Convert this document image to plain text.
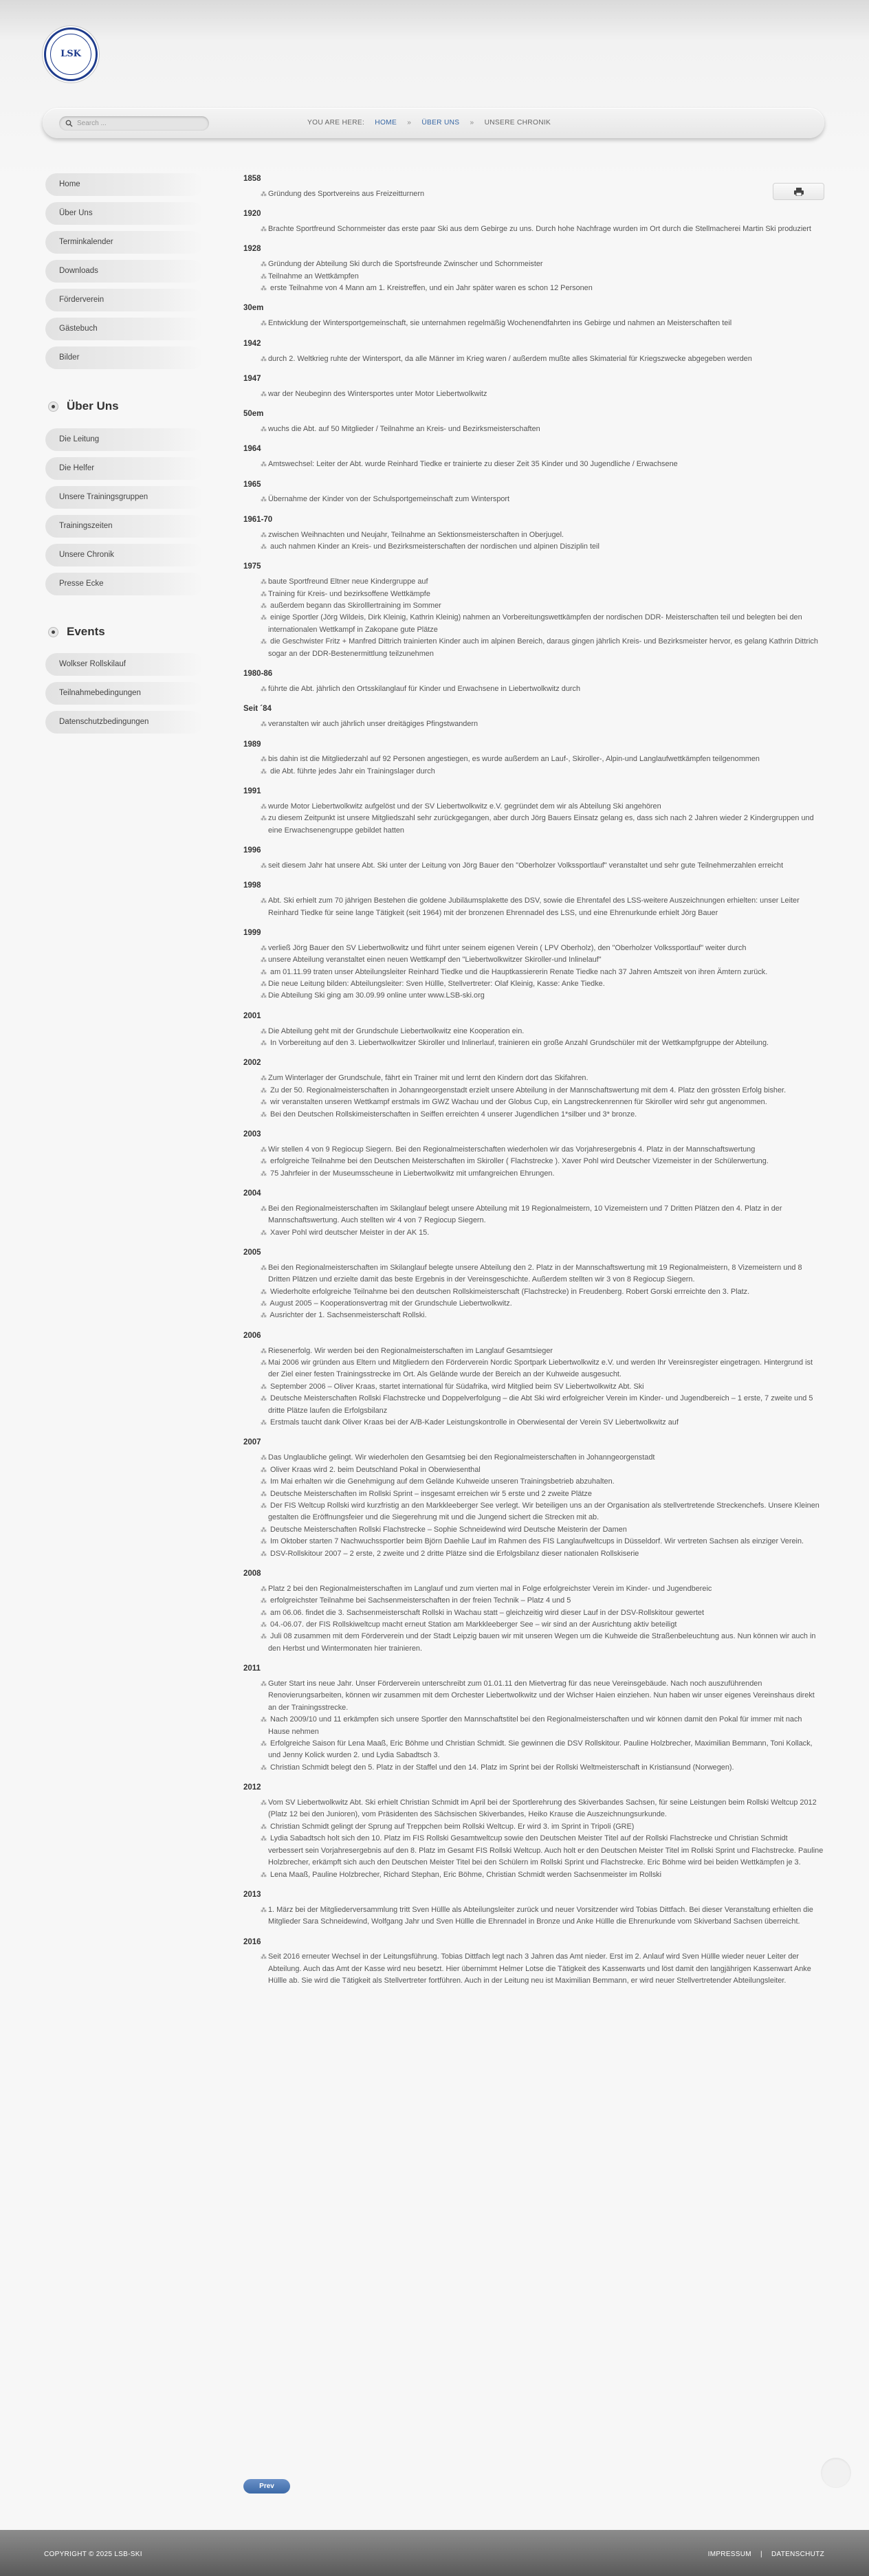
LSK
Search ...	YOU ARE HERE: HOME » ÜBER UNS » UNSERE CHRONIK
Home
Über Uns
Terminkalender
Downloads
Förderverein
Gästebuch
Bilder
Über Uns
Die Leitung
Die Helfer
Unsere Trainingsgruppen
Trainingszeiten
Unsere Chronik
Presse Ecke
Events
Wolkser Rollskilauf
Teilnahmebedingungen
Datenschutzbedingungen
1858
⁂ Gründung des Sportvereins aus Freizeitturnern
1920
⁂ Brachte Sportfreund Schornmeister das erste paar Ski aus dem Gebirge zu uns. Durch hohe Nachfrage wurden im Ort durch die Stellmacherei Martin Ski produziert
1928
⁂ Gründung der Abteilung Ski durch die Sportsfreunde Zwinscher und Schornmeister
⁂ Teilnahme an Wettkämpfen
⁂ erste Teilnahme von 4 Mann am 1. Kreistreffen, und ein Jahr später waren es schon 12 Personen
30em
⁂ Entwicklung der Wintersportgemeinschaft, sie unternahmen regelmäßig Wochenendfahrten ins Gebirge und nahmen an Meisterschaften teil
1942
⁂ durch 2. Weltkrieg ruhte der Wintersport, da alle Männer im Krieg waren / außerdem mußte alles Skimaterial für Kriegszwecke abgegeben werden
1947
⁂ war der Neubeginn des Wintersportes unter Motor Liebertwolkwitz
50em
⁂ wuchs die Abt. auf 50 Mitglieder / Teilnahme an Kreis- und Bezirksmeisterschaften
1964
⁂ Amtswechsel: Leiter der Abt. wurde Reinhard Tiedke er trainierte zu dieser Zeit 35 Kinder und 30 Jugendliche / Erwachsene
1965
⁂ Übernahme der Kinder von der Schulsportgemeinschaft zum Wintersport
1961-70
⁂ zwischen Weihnachten und Neujahr, Teilnahme an Sektionsmeisterschaften in Oberjugel.
⁂ auch nahmen Kinder an Kreis- und Bezirksmeisterschaften der nordischen und alpinen Disziplin teil
1975
⁂ baute Sportfreund Eltner neue Kindergruppe auf
⁂ Training für Kreis- und bezirksoffene Wettkämpfe
⁂ außerdem begann das Skirolllertraining im Sommer
⁂ einige Sportler (Jörg Wildeis, Dirk Kleinig, Kathrin Kleinig) nahmen an Vorbereitungswettkämpfen der nordischen DDR- Meisterschaften teil und belegten bei den internationalen Wettkampf in Zakopane gute Plätze
⁂ die Geschwister Fritz + Manfred Dittrich trainierten Kinder auch im alpinen Bereich, daraus gingen jährlich Kreis- und Bezirksmeister hervor, es gelang Kathrin Dittrich sogar an der DDR-Bestenermittlung teilzunehmen
1980-86
⁂ führte die Abt. jährlich den Ortsskilanglauf für Kinder und Erwachsene in Liebertwolkwitz durch
Seit ´84
⁂ veranstalten wir auch jährlich unser dreitägiges Pfingstwandern
1989
⁂ bis dahin ist die Mitgliederzahl auf 92 Personen angestiegen, es wurde außerdem an Lauf-, Skiroller-, Alpin-und Langlaufwettkämpfen teilgenommen
⁂ die Abt. führte jedes Jahr ein Trainingslager durch
1991
⁂ wurde Motor Liebertwolkwitz aufgelöst und der SV Liebertwolkwitz e.V. gegründet dem wir als Abteilung Ski angehören
⁂ zu diesem Zeitpunkt ist unsere Mitgliedszahl sehr zurückgegangen, aber durch Jörg Bauers Einsatz gelang es, dass sich nach 2 Jahren wieder 2 Kindergruppen und eine Erwachsenengruppe gebildet hatten
1996
⁂ seit diesem Jahr hat unsere Abt. Ski unter der Leitung von Jörg Bauer den "Oberholzer Volkssportlauf" veranstaltet und sehr gute Teilnehmerzahlen erreicht
1998
⁂ Abt. Ski erhielt zum 70 jährigen Bestehen die goldene Jubiläumsplakette des DSV, sowie die Ehrentafel des LSS-weitere Auszeichnungen erhielten: unser Leiter Reinhard Tiedke für seine lange Tätigkeit (seit 1964) mit der bronzenen Ehrennadel des LSS, und eine Ehrenurkunde erhielt Jörg Bauer
1999
⁂ verließ Jörg Bauer den SV Liebertwolkwitz und führt unter seinem eigenen Verein ( LPV Oberholz), den "Oberholzer Volkssportlauf" weiter durch
⁂ unsere Abteilung veranstaltet einen neuen Wettkampf den "Liebertwolkwitzer Skiroller-und Inlinelauf"
⁂ am 01.11.99 traten unser Abteilungsleiter Reinhard Tiedke und die Hauptkassiererin Renate Tiedke nach 37 Jahren Amtszeit von ihren Ämtern zurück.
⁂ Die neue Leitung bilden: Abteilungsleiter: Sven Hüllle, Stellvertreter: Olaf Kleinig, Kasse: Anke Tiedke.
⁂ Die Abteilung Ski ging am 30.09.99 online unter www.LSB-ski.org
2001
⁂ Die Abteilung geht mit der Grundschule Liebertwolkwitz eine Kooperation ein.
⁂ In Vorbereitung auf den 3. Liebertwolkwitzer Skiroller und Inlinerlauf, trainieren ein große Anzahl Grundschüler mit der Wettkampfgruppe der Abteilung.
2002
⁂ Zum Winterlager der Grundschule, fährt ein Trainer mit und lernt den Kindern dort das Skifahren.
⁂ Zu der 50. Regionalmeisterschaften in Johanngeorgenstadt erzielt unsere Abteilung in der Mannschaftswertung mit dem 4. Platz den grössten Erfolg bisher.
⁂ wir veranstalten unseren Wettkampf erstmals im GWZ Wachau und der Globus Cup, ein Langstreckenrennen für Skiroller wird sehr gut angenommen.
⁂ Bei den Deutschen Rollskimeisterschaften in Seiffen erreichten 4 unserer Jugendlichen 1*silber und 3* bronze.
2003
⁂ Wir stellen 4 von 9 Regiocup Siegern. Bei den Regionalmeisterschaften wiederholen wir das Vorjahresergebnis 4. Platz in der Mannschaftswertung
⁂ erfolgreiche Teilnahme bei den Deutschen Meisterschaften im Skiroller ( Flachstrecke ). Xaver Pohl wird Deutscher Vizemeister in der Schülerwertung.
⁂ 75 Jahrfeier in der Museumsscheune in Liebertwolkwitz mit umfangreichen Ehrungen.
2004
⁂ Bei den Regionalmeisterschaften im Skilanglauf belegt unsere Abteilung mit 19 Regionalmeistern, 10 Vizemeistern und 7 Dritten Plätzen den 4. Platz in der Mannschaftswertung. Auch stellten wir 4 von 7 Regiocup Siegern.
⁂ Xaver Pohl wird deutscher Meister in der AK 15.
2005
⁂ Bei den Regionalmeisterschaften im Skilanglauf belegte unsere Abteilung den 2. Platz in der Mannschaftswertung mit 19 Regionalmeistern, 8 Vizemeistern und 8 Dritten Plätzen und erzielte damit das beste Ergebnis in der Vereinsgeschichte. Außerdem stellten wir 3 von 8 Regiocup Siegern.
⁂ Wiederholte erfolgreiche Teilnahme bei den deutschen Rollskimeisterschaft (Flachstrecke) in Freudenberg. Robert Gorski errreichte den 3. Platz.
⁂ August 2005 – Kooperationsvertrag mit der Grundschule Liebertwolkwitz.
⁂ Ausrichter der 1. Sachsenmeisterschaft Rollski.
2006
⁂ Riesenerfolg. Wir werden bei den Regionalmeisterschaften im Langlauf Gesamtsieger
⁂ Mai 2006 wir gründen aus Eltern und Mitgliedern den Förderverein Nordic Sportpark Liebertwolkwitz e.V. und werden Ihr Vereinsregister eingetragen. Hintergrund ist der Ziel einer festen Trainingsstrecke im Ort. Als Gelände wurde der Bereich an der Kuhweide ausgesucht.
⁂ September 2006 – Oliver Kraas, startet international für Südafrika, wird Mitglied beim SV Liebertwolkwitz Abt. Ski
⁂ Deutsche Meisterschaften Rollski Flachstrecke und Doppelverfolgung – die Abt Ski wird erfolgreicher Verein im Kinder- und Jugendbereich – 1 erste, 7 zweite und 5 dritte Plätze laufen die Erfolgsbilanz
⁂ Erstmals taucht dank Oliver Kraas bei der A/B-Kader Leistungskontrolle in Oberwiesental der Verein SV Liebertwolkwitz auf
2007
⁂ Das Unglaubliche gelingt. Wir wiederholen den Gesamtsieg bei den Regionalmeisterschaften in Johanngeorgenstadt
⁂ Oliver Kraas wird 2. beim Deutschland Pokal in Oberwiesenthal
⁂ Im Mai erhalten wir die Genehmigung auf dem Gelände Kuhweide unseren Trainingsbetrieb abzuhalten.
⁂ Deutsche Meisterschaften im Rollski Sprint – insgesamt erreichen wir 5 erste und 2 zweite Plätze
⁂ Der FIS Weltcup Rollski wird kurzfristig an den Markkleeberger See verlegt. Wir beteiligen uns an der Organisation als stellvertretende Streckenchefs. Unsere Kleinen gestalten die Eröffnungsfeier und die Siegerehrung mit und die Jungend sichert die Strecken mit ab.
⁂ Deutsche Meisterschaften Rollski Flachstrecke – Sophie Schneidewind wird Deutsche Meisterin der Damen
⁂ Im Oktober starten 7 Nachwuchssportler beim Björn Daehlie Lauf im Rahmen des FIS Langlaufweltcups in Düsseldorf. Wir vertreten Sachsen als einziger Verein.
⁂ DSV-Rollskitour 2007 – 2 erste, 2 zweite und 2 dritte Plätze sind die Erfolgsbilanz dieser nationalen Rollskiserie
2008
⁂ Platz 2 bei den Regionalmeisterschaften im Langlauf und zum vierten mal in Folge erfolgreichster Verein im Kinder- und Jugendbereic
⁂ erfolgreichster Teilnahme bei Sachsenmeisterschaften in der freien Technik – Platz 4 und 5
⁂ am 06.06. findet die 3. Sachsenmeisterschaft Rollski in Wachau statt – gleichzeitig wird dieser Lauf in der DSV-Rollskitour gewertet
⁂ 04.-06.07. der FIS Rollskiweltcup macht erneut Station am Markkleeberger See – wir sind an der Ausrichtung aktiv beteiligt
⁂ Juli 08 zusammen mit dem Förderverein und der Stadt Leipzig bauen wir mit unseren Wegen um die Kuhweide die Straßenbeleuchtung aus. Nun können wir auch in den Herbst und Wintermonaten hier trainieren.
2011
⁂ Guter Start ins neue Jahr. Unser Förderverein unterschreibt zum 01.01.11 den Mietvertrag für das neue Vereinsgebäude. Nach noch auszuführenden Renovierungsarbeiten, können wir zusammen mit dem Orchester Liebertwolkwitz und der Wichser Haien einziehen. Nun haben wir unser eigenes Vereinshaus direkt an der Trainingsstrecke.
⁂ Nach 2009/10 und 11 erkämpfen sich unsere Sportler den Mannschaftstitel bei den Regionalmeisterschaften und wir können damit den Pokal für immer mit nach Hause nehmen
⁂ Erfolgreiche Saison für Lena Maaß, Eric Böhme und Christian Schmidt. Sie gewinnen die DSV Rollskitour. Pauline Holzbrecher, Maximilian Bemmann, Toni Kollack, und Jenny Kolick wurden 2. und Lydia Sabadtsch 3.
⁂ Christian Schmidt belegt den 5. Platz in der Staffel und den 14. Platz im Sprint bei der Rollski Weltmeisterschaft in Kristiansund (Norwegen).
2012
⁂ Vom SV Liebertwolkwitz Abt. Ski erhielt Christian Schmidt im April bei der Sportlerehrung des Skiverbandes Sachsen, für seine Leistungen beim Rollski Weltcup 2012 (Platz 12 bei den Junioren), vom Präsidenten des Sächsischen Skiverbandes, Heiko Krause die Auszeichnungsurkunde.
⁂ Christian Schmidt gelingt der Sprung auf Treppchen beim Rollski Weltcup. Er wird 3. im Sprint in Tripoli (GRE)
⁂ Lydia Sabadtsch holt sich den 10. Platz im FIS Rollski Gesamtweltcup sowie den Deutschen Meister Titel auf der Rollski Flachstrecke und Christian Schmidt verbessert sein Vorjahresergebnis auf den 8. Platz im Gesamt FIS Rollski Weltcup. Auch holt er den Deutschen Meister Titel im Rollski Sprint und Flachstrecke. Pauline Holzbrecher, erkämpft sich auch den Deutschen Meister Titel bei den Schülern im Rollski Sprint und Flachstrecke. Eric Böhme wird bei beiden Wettkämpfen je 3.
⁂ Lena Maaß, Pauline Holzbrecher, Richard Stephan, Eric Böhme, Christian Schmidt werden Sachsenmeister im Rollski
2013
⁂ 1. März bei der Mitgliederversammlung tritt Sven Hüllle als Abteilungsleiter zurück und neuer Vorsitzender wird Tobias Dittfach. Bei dieser Veranstaltung erhielten die Mitglieder Sara Schneidewind, Wolfgang Jahr und Sven Hüllle die Ehrennadel in Bronze und Anke Hüllle die Ehrenurkunde vom Skiverband Sachsen überreicht.
2016
⁂ Seit 2016 erneuter Wechsel in der Leitungsführung. Tobias Dittfach legt nach 3 Jahren das Amt nieder. Erst im 2. Anlauf wird Sven Hüllle wieder neuer Leiter der Abteilung. Auch das Amt der Kasse wird neu besetzt. Hier übernimmt Helmer Lotse die Tätigkeit des Kassenwarts und löst damit den langjährigen Kassenwart Anke Hüllle ab. Sie wird die Tätigkeit als Stellvertreter fortführen. Auch in der Leitung neu ist Maximilian Bemmann, er wird neuer Stellvertretender Abteilungsleiter.
Prev
COPYRIGHT © 2025 LSB-SKI	IMPRESSUM | DATENSCHUTZ
